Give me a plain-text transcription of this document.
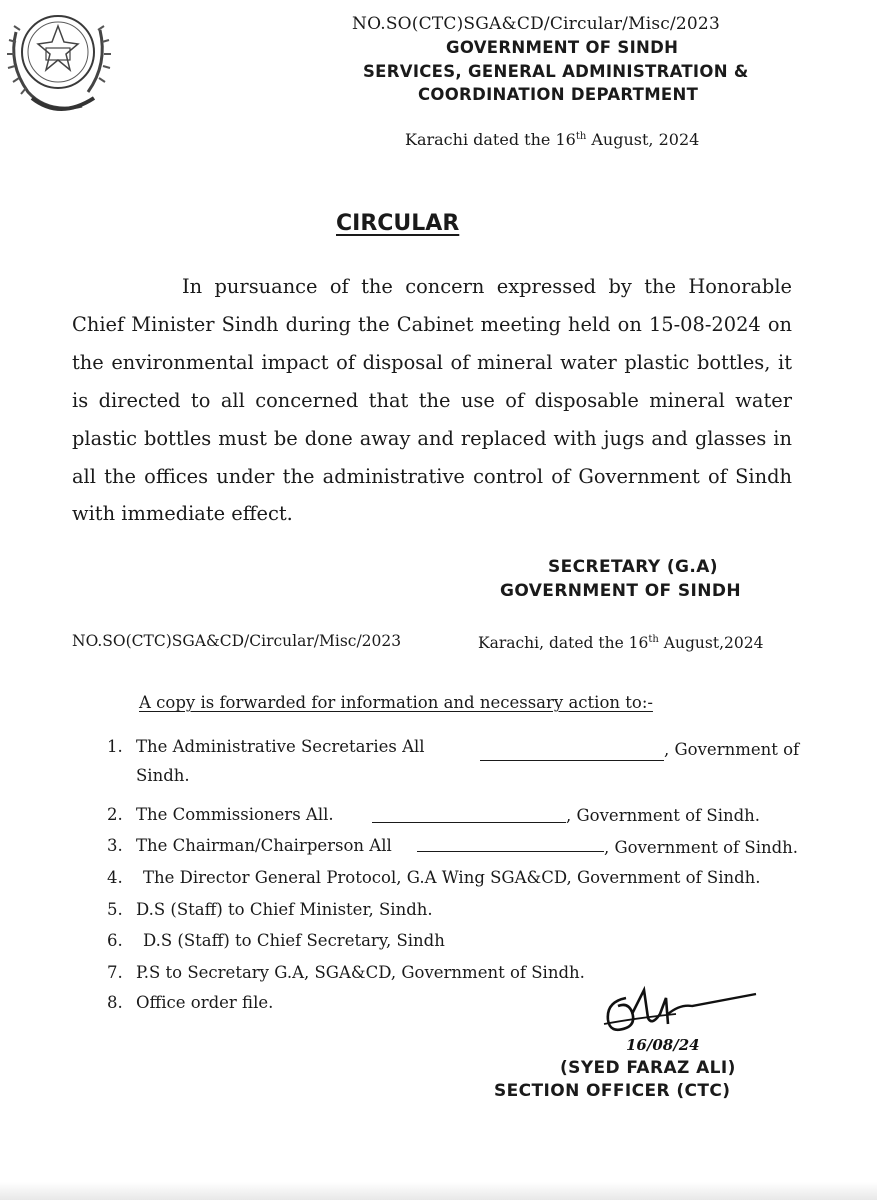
NO.SO(CTC)SGA&CD/Circular/Misc/2023
GOVERNMENT OF SINDH
SERVICES, GENERAL ADMINISTRATION &
COORDINATION DEPARTMENT
Karachi dated the 16th August, 2024
CIRCULAR
In pursuance of the concern expressed by the Honorable Chief Minister Sindh during the Cabinet meeting held on 15-08-2024 on the environmental impact of disposal of mineral water plastic bottles, it is directed to all concerned that the use of disposable mineral water plastic bottles must be done away and replaced with jugs and glasses in all the offices under the administrative control of Government of Sindh with immediate effect.
SECRETARY (G.A)
GOVERNMENT OF SINDH
NO.SO(CTC)SGA&CD/Circular/Misc/2023	Karachi, dated the 16th August,2024
A copy is forwarded for information and necessary action to:-
1. The Administrative Secretaries All	, Government of
Sindh.
2. The Commissioners All.	, Government of Sindh.
3. The Chairman/Chairperson All	, Government of Sindh.
4. The Director General Protocol, G.A Wing SGA&CD, Government of Sindh.
5. D.S (Staff) to Chief Minister, Sindh.
6. D.S (Staff) to Chief Secretary, Sindh
7. P.S to Secretary G.A, SGA&CD, Government of Sindh.
8. Office order file.
16/08/24
(SYED FARAZ ALI)
SECTION OFFICER (CTC)
